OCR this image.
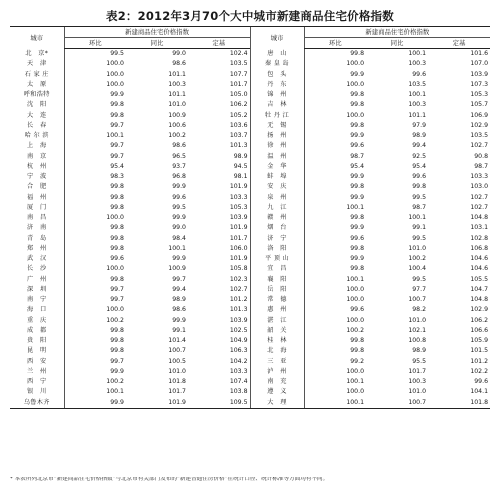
表2：2012年3月70个大中城市新建商品住宅价格指数
城市	新建商品住宅价格指数			城市	新建商品住宅价格指数		
	环比	同比	定基		环比	同比	定基
北　京*	99.5	99.0	102.4	唐　山	99.8	100.1	101.6
天　津	100.0	98.6	103.5	秦 皇 岛	100.0	100.3	107.0
石 家 庄	100.0	101.1	107.7	包　头	99.9	99.6	103.9
太　原	100.0	100.3	101.7	丹　东	100.0	103.5	107.3
呼和浩特	99.9	101.1	105.0	锦　州	99.8	100.1	105.3
沈　阳	99.8	101.0	106.2	吉　林	99.8	100.3	105.7
大　连	99.8	100.9	105.2	牡 丹 江	100.0	101.1	106.9
长　春	99.7	100.6	103.6	无　锡	99.8	97.9	102.9
哈 尔 滨	100.1	100.2	103.7	扬　州	99.9	98.9	103.5
上　海	99.7	98.6	101.3	徐　州	99.6	99.4	102.7
南　京	99.7	96.5	98.9	温　州	98.7	92.5	90.8
杭　州	95.4	93.7	94.5	金　华	95.4	95.4	98.7
宁　波	98.3	96.8	98.1	蚌　埠	99.9	99.6	103.3
合　肥	99.8	99.9	101.9	安　庆	99.8	99.8	103.0
福　州	99.8	99.6	103.3	泉　州	99.9	99.5	102.7
厦　门	99.8	99.5	105.3	九　江	100.1	98.7	102.7
南　昌	100.0	99.9	103.9	赣　州	99.8	100.1	104.8
济　南	99.8	99.0	101.9	烟　台	99.9	99.1	103.1
青　岛	99.8	98.4	101.7	济　宁	99.6	99.5	102.8
郑　州	99.8	100.1	106.0	洛　阳	99.8	101.0	106.8
武　汉	99.6	99.9	101.9	平 顶 山	99.9	100.2	104.6
长　沙	100.0	100.9	105.8	宜　昌	99.8	100.4	104.6
广　州	99.8	99.7	102.3	襄　阳	100.1	99.5	105.5
深　圳	99.7	99.4	102.7	岳　阳	100.0	97.7	104.7
南　宁	99.7	98.9	101.2	常　德	100.0	100.7	104.8
海　口	100.0	98.6	101.3	惠　州	99.6	98.2	102.9
重　庆	100.2	99.9	103.9	湛　江	100.0	101.0	106.2
成　都	99.8	99.1	102.5	韶　关	100.2	102.1	106.6
贵　阳	99.8	101.4	104.9	桂　林	99.8	100.8	105.9
昆　明	99.8	100.7	106.3	北　海	99.8	98.9	101.5
西　安	99.7	100.5	104.2	三　亚	99.2	95.5	101.2
兰　州	99.9	101.0	103.3	泸　州	100.0	101.7	102.2
西　宁	100.2	101.8	107.4	南　充	100.1	100.3	99.6
银　川	100.1	101.7	103.8	遵　义	100.0	101.0	104.1
乌鲁木齐	99.9	101.9	109.5	大　理	100.1	100.7	101.8
* 本表所列北京市“新建商品住宅价格指数”与北京市有关部门发布的“新建普通住房价格”在统计口径、统计标准等方面均有不同。
